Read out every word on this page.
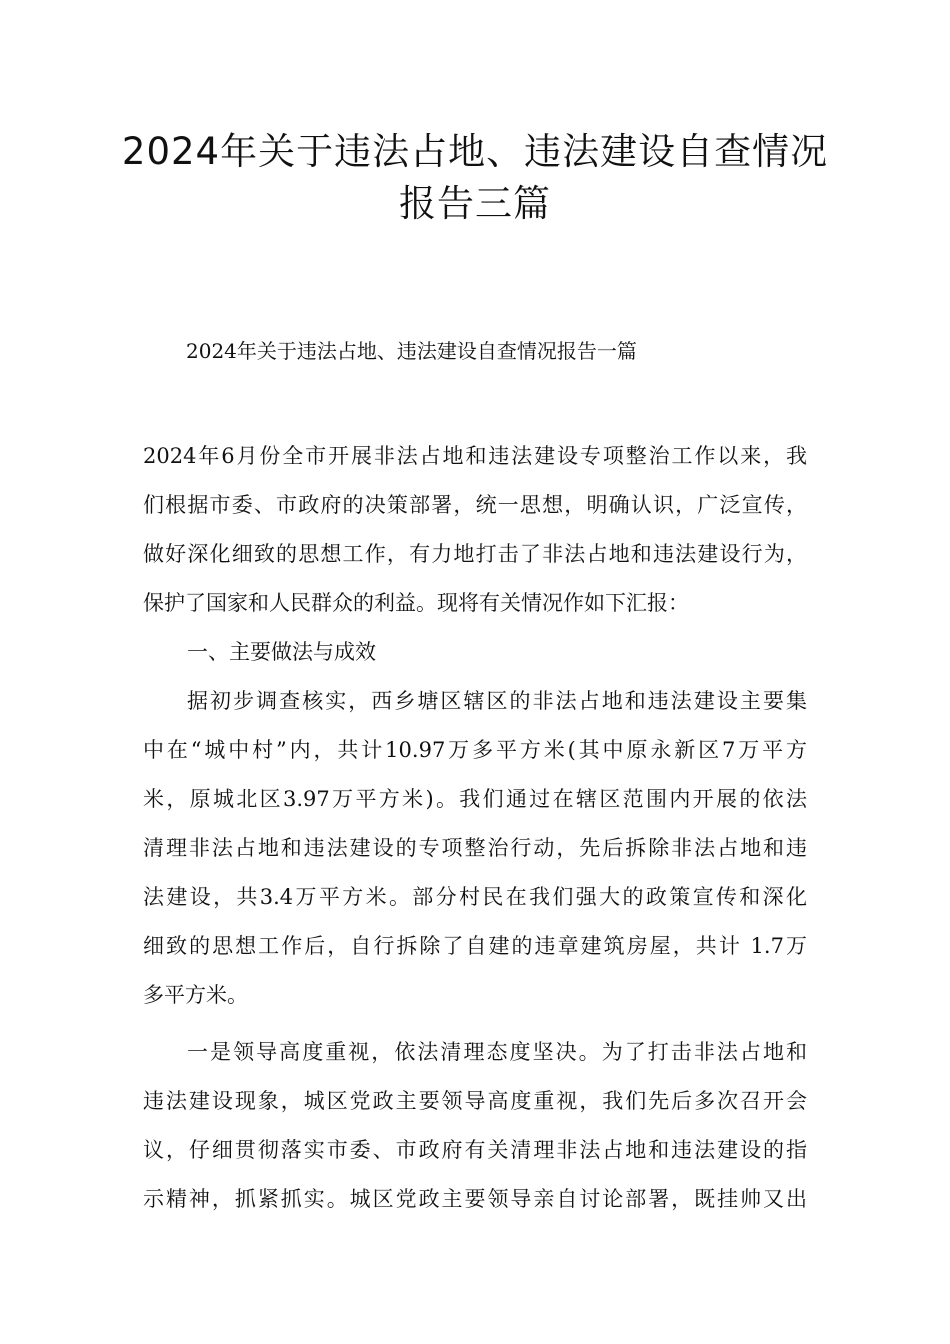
2024年关于违法占地、违法建设自查情况报告三篇
2024年关于违法占地、违法建设自查情况报告一篇
2024年6月份全市开展非法占地和违法建设专项整治工作以来，我
们根据市委、市政府的决策部署，统一思想，明确认识，广泛宣传，
做好深化细致的思想工作，有力地打击了非法占地和违法建设行为，
保护了国家和人民群众的利益。现将有关情况作如下汇报：
一、主要做法与成效
据初步调查核实，西乡塘区辖区的非法占地和违法建设主要集
中在“城中村”内，共计10.97万多平方米(其中原永新区7万平方
米，原城北区3.97万平方米)。我们通过在辖区范围内开展的依法
清理非法占地和违法建设的专项整治行动，先后拆除非法占地和违
法建设，共3.4万平方米。部分村民在我们强大的政策宣传和深化
细致的思想工作后，自行拆除了自建的违章建筑房屋，共计 1.7万
多平方米。
一是领导高度重视，依法清理态度坚决。为了打击非法占地和
违法建设现象，城区党政主要领导高度重视，我们先后多次召开会
议，仔细贯彻落实市委、市政府有关清理非法占地和违法建设的指
示精神，抓紧抓实。城区党政主要领导亲自讨论部署，既挂帅又出
